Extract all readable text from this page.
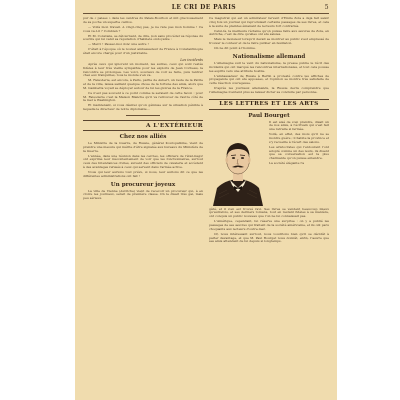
LE CRI DE PARIS	5

pur de « palées » dans les cendres du Palais-Bourbon et mit graciousement de sa poche un superbe caillou.

— Voilà mon travail. A vingt-cinq pas, je ne rate pas mon homme ! Ca vous va-t-il ? Combien ?

Et M. Constans, se détournant, de dire, non sans procéder sa réponse du sourire qui lui valut sa réputation d'habileté ondoyante :

— Merci ! Passez-moi donc une autre !

C'était à l'époque où le nouvel ambassadeur de France à Constantinople était encore chargé pour d'un justiciable.

Les incidents

Après ceux qui ignorent un moment, les autres, ceux qui sont restés fidèles à leur très vieille sympathie pour les exploits de Jean Corbeau, la rencontre se prolongea. Les voici, soucieux de voir se faire, puis rentrer chez eux tranquilles, tous le monde s'en va.

M. Faisoderie, est encore, à Paris, partie de Aubert, un reste de la Patrie et de la ville, laissa saillant quelque chose de la fortune des amis, alors que M. Gambetta voyait se déployer autour de lui les gloires de la France.

Ce n'est pas souvent à ce point comme le seraient de cette facon : pour M. Faisoderie c'est la Maison Blanche qu'il va retrouver de l'autre côté de la mer à Washington.

Et maintenant, si vous désirez qu'on gémisse sur la situation pénible à laquelle le directeur de notre diplomatie...

A L'EXTÉRIEUR
Chez nos alliés

Le Ministre de la Guerre, de Russie, général Kouropatkine, vient de prendre une mesure qui mérite d'être signalée aux bureaux du Ministère de la Guerre.

L'année, dans une réunion dans les cercles, les officiers de l'état-major ont exprimé leur mécontentement de voir que les fonctionnaires, surtout ceux des Intendances civiles, suivent des officiers de cavalerie et accèdent à des avantages refusés à ceux qui servent dans l'armée active.

Nous qui leur aurions tout prévu, si nous, leur aurions dit ce que les différentes administrations ont fait !

Un procureur joyeux

La ville de Vienne (Autriche) vient de recevoir un procureur qui, à en croire les journaux, serait de première classe. On le disait très gai, mais peu sérieux.

Ce magistrat qui est un admirateur fervent d'Émile Zola a déjà fait saisir cinq fois un journal qui reproduisait certains passages de ses livres, et cela à la suite de plaintes émanant de lecteurs fort contrariés.

Celui-là, la meilleure réclame qu'on puisse faire aux œuvres de Zola, en Autriche, c'est de dire qu'elles ont été saisies.

Mais le monsieur lorsqu'il devait se montrer au public s'est empressé de trouver le conteur et de le faire publier en feuilleton.

On ne dit point à l'homme.

Nationalisme allemand

L'Allemagne suit le vent du nationalisme, la presse publie le récit des incidents qui ont marqué les rencontres internationales, et tout cela pousse les esprits vers une attitude hostile.

L'ambassadeur de Russie à Berlin a protesté contre les affiches de propagande qui ont été apposées, et l'opinion se montre très satisfaite de cette réaction courageuse.

D'après les journaux allemands, la Russie devra comprendre que l'Allemagne n'entend plus se laisser dicter sa conduite par personne.

LES LETTRES ET LES ARTS
Paul Bourget

Il est aisé de s'en prendre, disait un de nos amis, à l'écrivain qui s'est fait une retraite si fermée.

Voilà, en effet, des mois qu'il ne se montre guère ; il habite la province et s'y recueille à l'écart des salons.

Les aristocrates qui l'entourent l'ont adopté comme un des leurs, ils disent que sa conversation est la plus charmante qu'on puisse entendre.

La société élégante l'a

gâté, et il s'en est trouvé ravi. Ses livres se vendent beaucoup mieux qu'autrefois, et ses derniers romans, tout en restant fidèles à sa manière, ont conquis un public nouveau que l'on ne lui connaissait pas.

L'Amérique, cependant, lui réserve une surprise : on y a publié les passages de ses œuvres qui traitent de la société américaine, et ils ont paru choquants aux lecteurs d'outre-mer.

Or, nous intéressant surtout, nous voudrions bien qu'il se décidât à parler davantage, et que M. Paul Bourget nous donnât, enfin, l'œuvre que ses amis attendent de lui depuis si longtemps.
